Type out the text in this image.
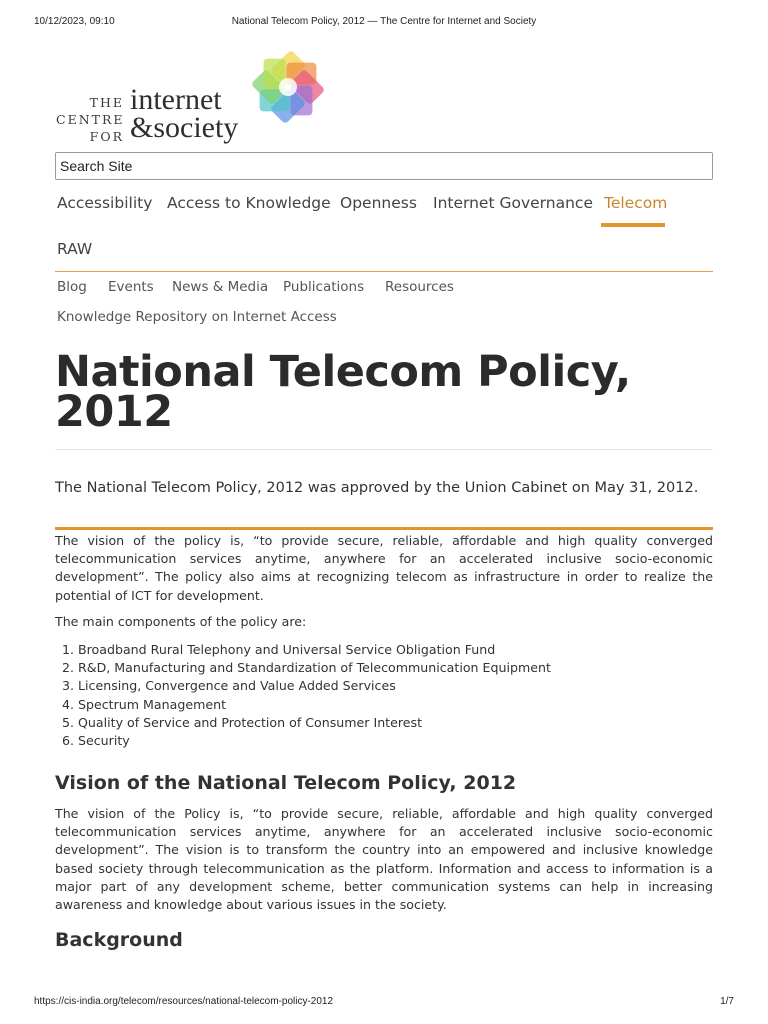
10/12/2023, 09:10	National Telecom Policy, 2012 — The Centre for Internet and Society
THE
CENTRE
FOR
internet
&society
Search Site
Accessibility Access to Knowledge Openness Internet Governance Telecom
RAW
Blog Events News & Media Publications Resources
Knowledge Repository on Internet Access
National Telecom Policy,
2012

The National Telecom Policy, 2012 was approved by the Union Cabinet on May 31, 2012.

The vision of the policy is, “to provide secure, reliable, affordable and high quality converged telecommunication services anytime, anywhere for an accelerated inclusive socio-economic development”. The policy also aims at recognizing telecom as infrastructure in order to realize the potential of ICT for development.

The main components of the policy are:

1. Broadband Rural Telephony and Universal Service Obligation Fund
2. R&D, Manufacturing and Standardization of Telecommunication Equipment
3. Licensing, Convergence and Value Added Services
4. Spectrum Management
5. Quality of Service and Protection of Consumer Interest
6. Security
Vision of the National Telecom Policy, 2012

The vision of the Policy is, “to provide secure, reliable, affordable and high quality converged telecommunication services anytime, anywhere for an accelerated inclusive socio-economic development”. The vision is to transform the country into an empowered and inclusive knowledge based society through telecommunication as the platform. Information and access to information is a major part of any development scheme, better communication systems can help in increasing awareness and knowledge about various issues in the society.

Background
https://cis-india.org/telecom/resources/national-telecom-policy-2012	1/7
